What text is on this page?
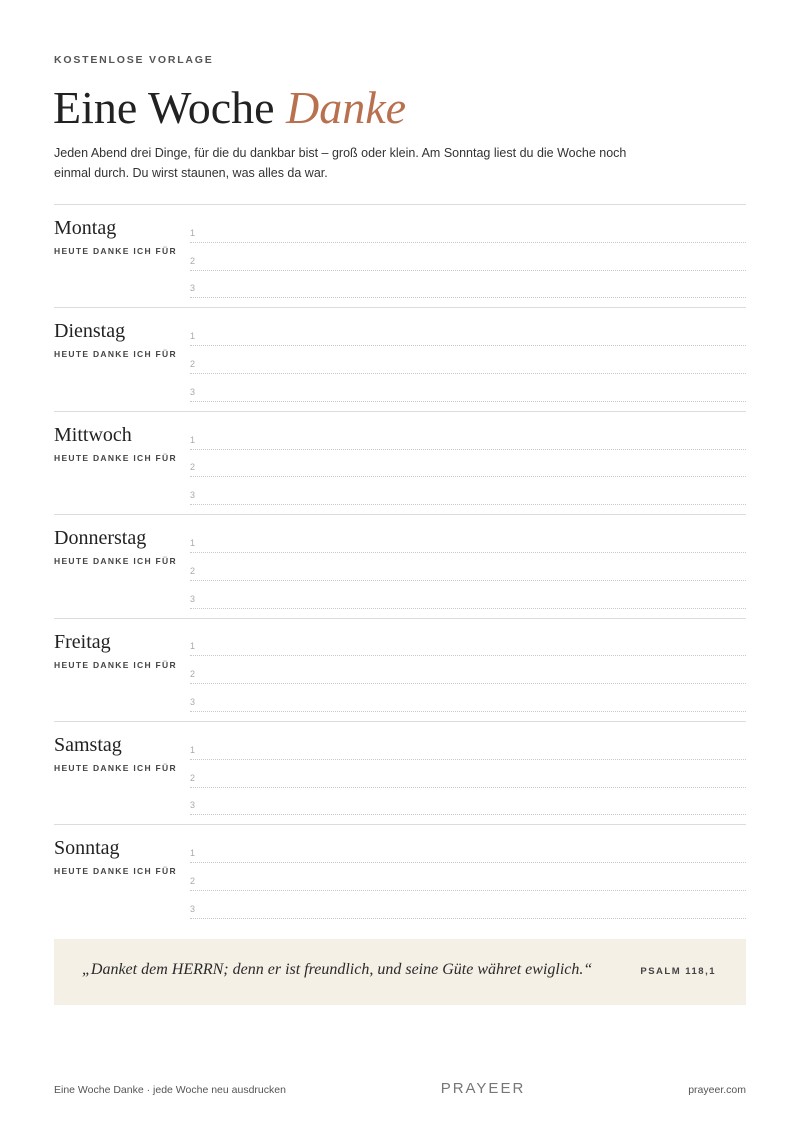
KOSTENLOSE VORLAGE
Eine Woche Danke

Jeden Abend drei Dinge, für die du dankbar bist – groß oder klein. Am Sonntag liest du die Woche noch einmal durch. Du wirst staunen, was alles da war.

Montag
HEUTE DANKE ICH FÜR
1
2
3
Dienstag
HEUTE DANKE ICH FÜR
1
2
3
Mittwoch
HEUTE DANKE ICH FÜR
1
2
3
Donnerstag
HEUTE DANKE ICH FÜR
1
2
3
Freitag
HEUTE DANKE ICH FÜR
1
2
3
Samstag
HEUTE DANKE ICH FÜR
1
2
3
Sonntag
HEUTE DANKE ICH FÜR
1
2
3
„Danket dem HERRN; denn er ist freundlich, und seine Güte währet ewiglich.“	PSALM 118,1
Eine Woche Danke · jede Woche neu ausdrucken	PRAYEER	prayeer.com
